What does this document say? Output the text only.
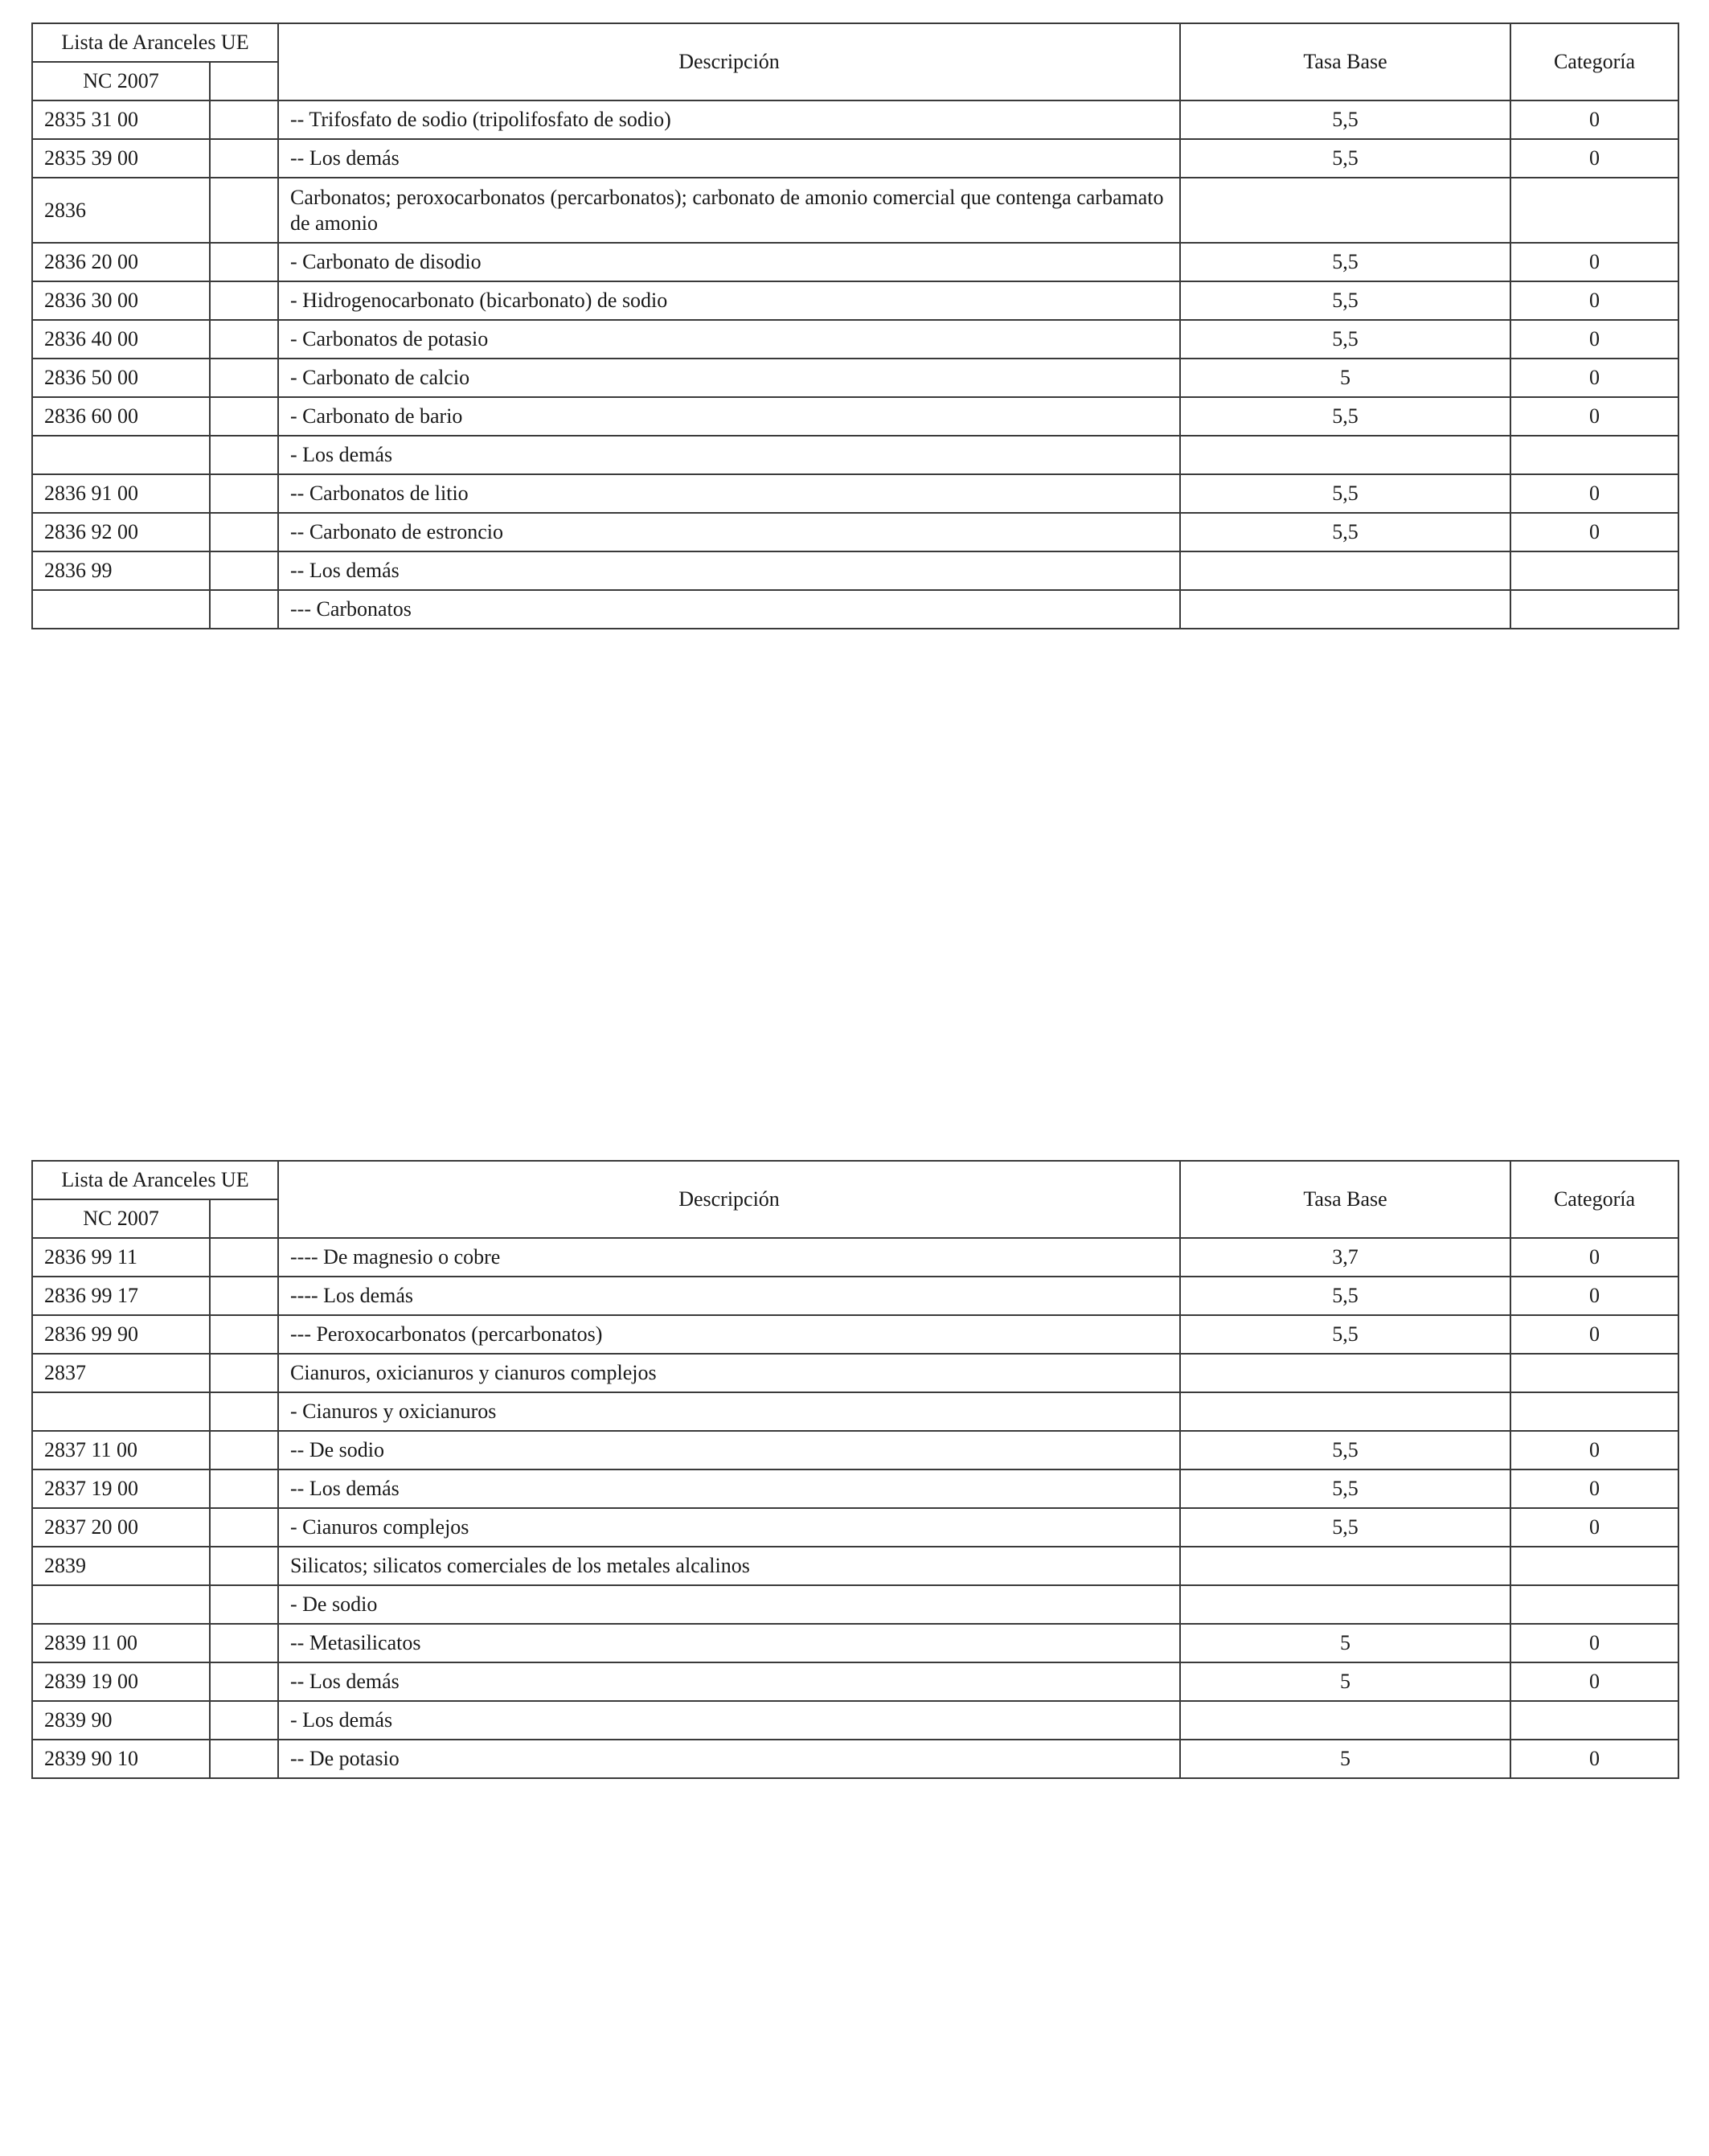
Lista de Aranceles UE		Descripción	Tasa Base	Categoría
NC 2007				
2835 31 00		-- Trifosfato de sodio (tripolifosfato de sodio)	5,5	0
2835 39 00		-- Los demás	5,5	0
2836		Carbonatos; peroxocarbonatos (percarbonatos); carbonato de amonio comercial que contenga carbamato de amonio		
2836 20 00		- Carbonato de disodio	5,5	0
2836 30 00		- Hidrogenocarbonato (bicarbonato) de sodio	5,5	0
2836 40 00		- Carbonatos de potasio	5,5	0
2836 50 00		- Carbonato de calcio	5	0
2836 60 00		- Carbonato de bario	5,5	0
		- Los demás		
2836 91 00		-- Carbonatos de litio	5,5	0
2836 92 00		-- Carbonato de estroncio	5,5	0
2836 99		-- Los demás		
		--- Carbonatos		
Lista de Aranceles UE		Descripción	Tasa Base	Categoría
NC 2007				
2836 99 11		---- De magnesio o cobre	3,7	0
2836 99 17		---- Los demás	5,5	0
2836 99 90		--- Peroxocarbonatos (percarbonatos)	5,5	0
2837		Cianuros, oxicianuros y cianuros complejos		
		- Cianuros y oxicianuros		
2837 11 00		-- De sodio	5,5	0
2837 19 00		-- Los demás	5,5	0
2837 20 00		- Cianuros complejos	5,5	0
2839		Silicatos; silicatos comerciales de los metales alcalinos		
		- De sodio		
2839 11 00		-- Metasilicatos	5	0
2839 19 00		-- Los demás	5	0
2839 90		- Los demás		
2839 90 10		-- De potasio	5	0
